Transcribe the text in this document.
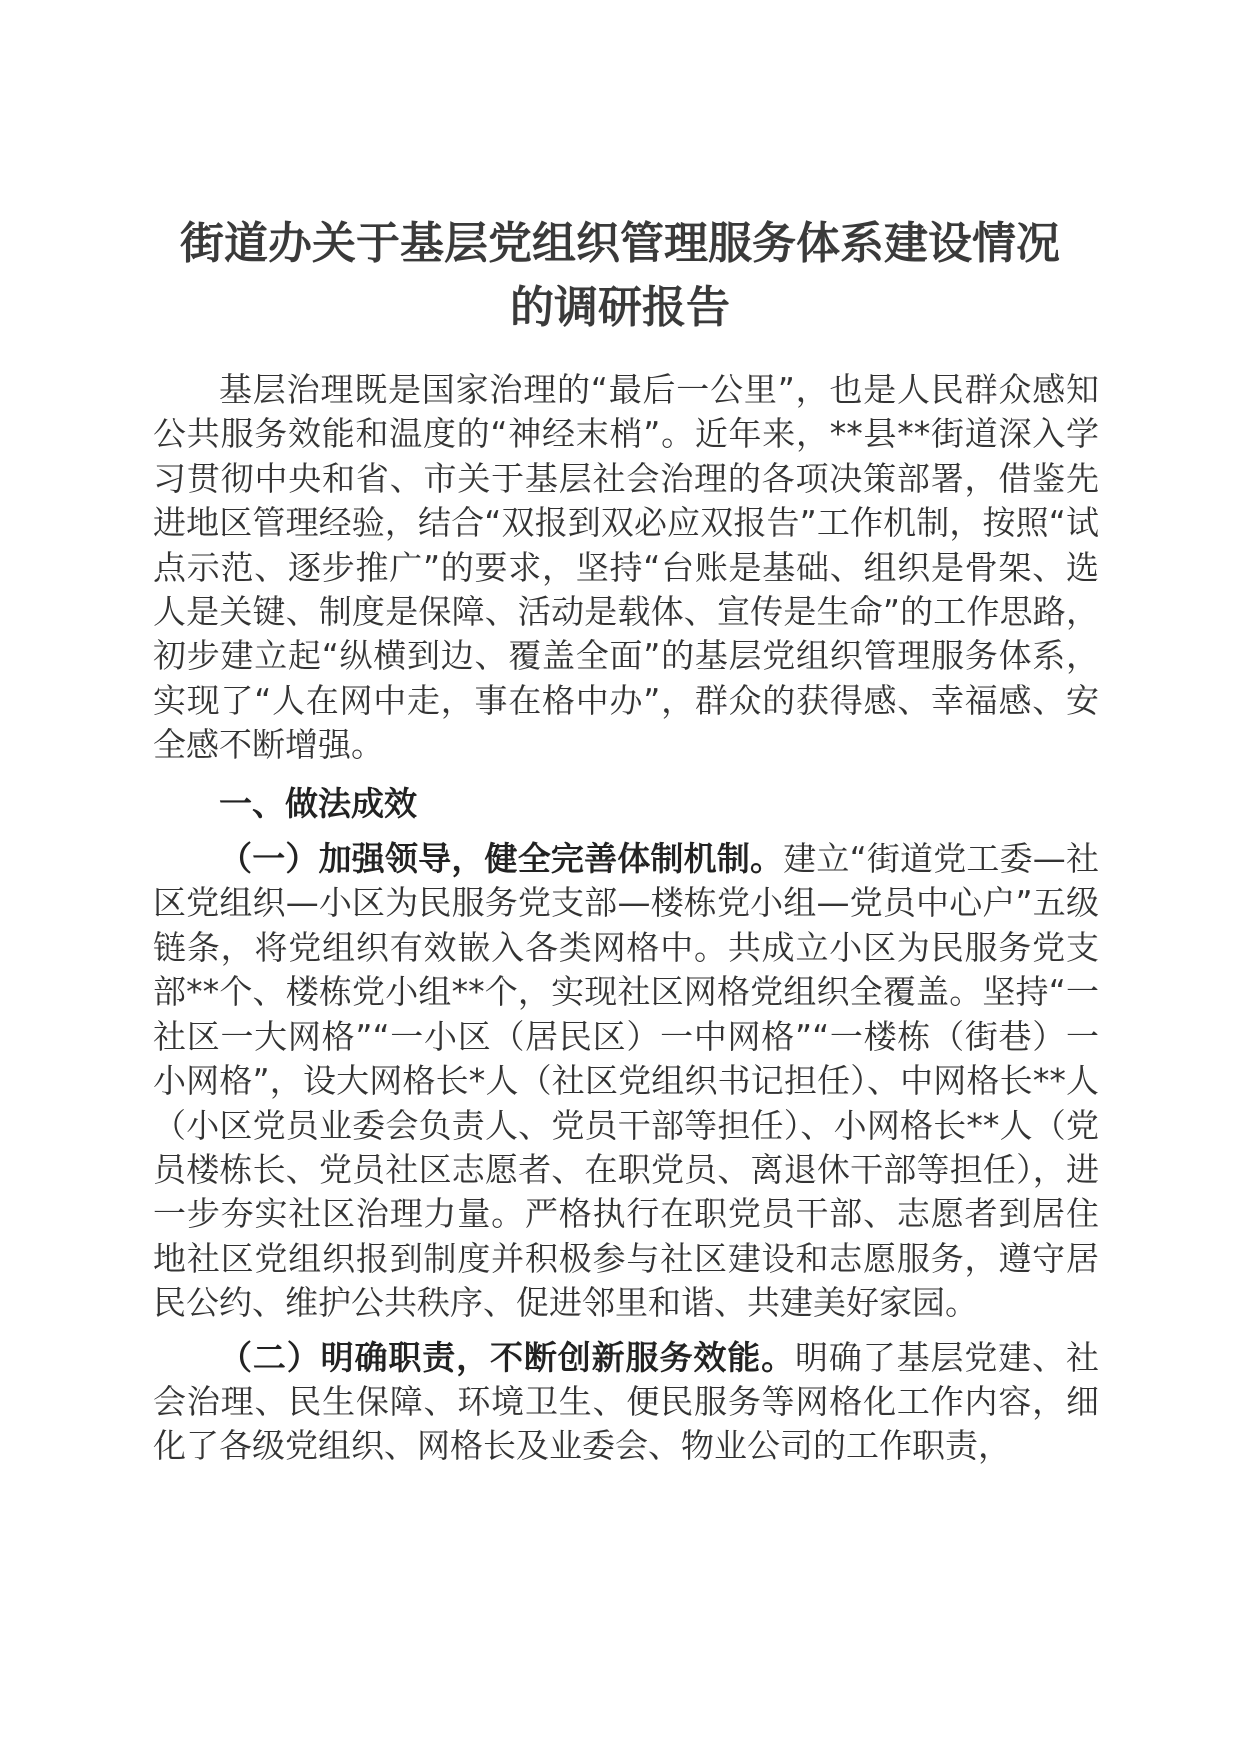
街道办关于基层党组织管理服务体系建设情况
的调研报告

基层治理既是国家治理的“最后一公里”，也是人民群众感知公共服务效能和温度的“神经末梢”。近年来，**县**街道深入学习贯彻中央和省、市关于基层社会治理的各项决策部署，借鉴先进地区管理经验，结合“双报到双必应双报告”工作机制，按照“试点示范、逐步推广”的要求，坚持“台账是基础、组织是骨架、选人是关键、制度是保障、活动是载体、宣传是生命”的工作思路，初步建立起“纵横到边、覆盖全面”的基层党组织管理服务体系，实现了“人在网中走，事在格中办”，群众的获得感、幸福感、安全感不断增强。

一、做法成效

（一）加强领导，健全完善体制机制。建立“街道党工委—社区党组织—小区为民服务党支部—楼栋党小组—党员中心户”五级链条，将党组织有效嵌入各类网格中。共成立小区为民服务党支部**个、楼栋党小组**个，实现社区网格党组织全覆盖。坚持“一社区一大网格”“一小区（居民区）一中网格”“一楼栋（街巷）一小网格”，设大网格长*人（社区党组织书记担任）、中网格长**人（小区党员业委会负责人、党员干部等担任）、小网格长**人（党员楼栋长、党员社区志愿者、在职党员、离退休干部等担任），进一步夯实社区治理力量。严格执行在职党员干部、志愿者到居住地社区党组织报到制度并积极参与社区建设和志愿服务，遵守居民公约、维护公共秩序、促进邻里和谐、共建美好家园。

（二）明确职责，不断创新服务效能。明确了基层党建、社会治理、民生保障、环境卫生、便民服务等网格化工作内容，细化了各级党组织、网格长及业委会、物业公司的工作职责，
